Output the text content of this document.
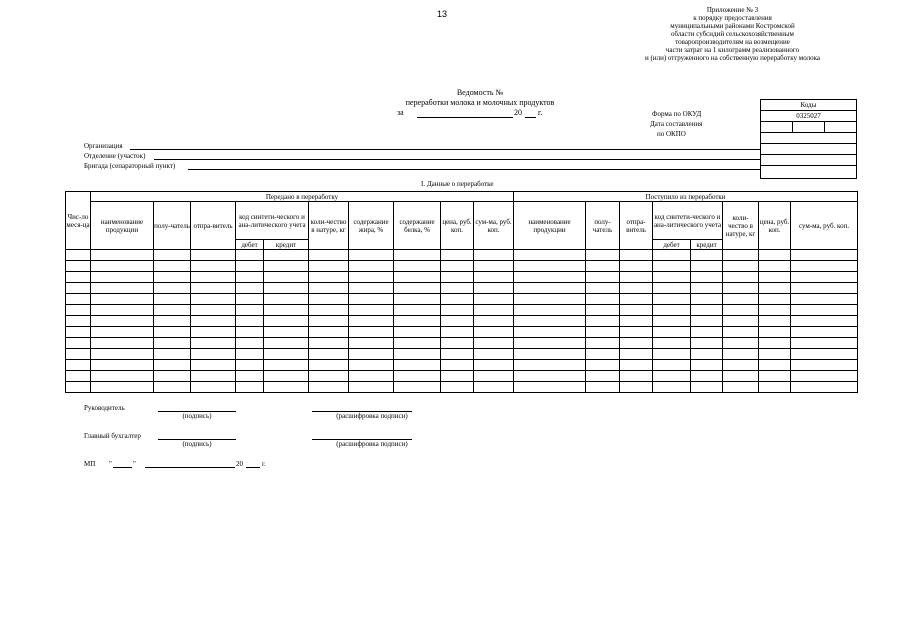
13	Приложение № 3
к порядку предоставления
муниципальными районами Костромской
области субсидий сельскохозяйственным
товаропроизводителям на возмещение
части затрат на 1 килограмм реализованного
и (или) отгруженного на собственную переработку молока
Ведомость №
переработки молока и молочных продуктов
за	20 г.	Форма по ОКУД
Дата составления
по ОКПО
Коды
0325027

Организация
Отделение (участок)
Бригада (сепараторный пункт)
I. Данные о переработке
Чис-ло меся-ца	Передано в переработку										Поступило из переработки							
	наименование продукции	полу-чатель	отпра-витель	код синтети-ческого и ана-литического учета		коли-чество в натуре, кг	содержание жира, %	содержание белка, %	цена, руб. коп.	сум-ма, руб. коп.	наименование продукции	полу-чатель	отпра-витель	код синтети-ческого и ана-литического учета		коли-чество в натуре, кг	цена, руб. коп.	сум-ма, руб. коп.
				дебет	кредит									дебет	кредит			

Руководитель
(подпись)	(расшифровка подписи)
Главный бухгалтер
(подпись)	(расшифровка подписи)
МП "	"	20	г.
